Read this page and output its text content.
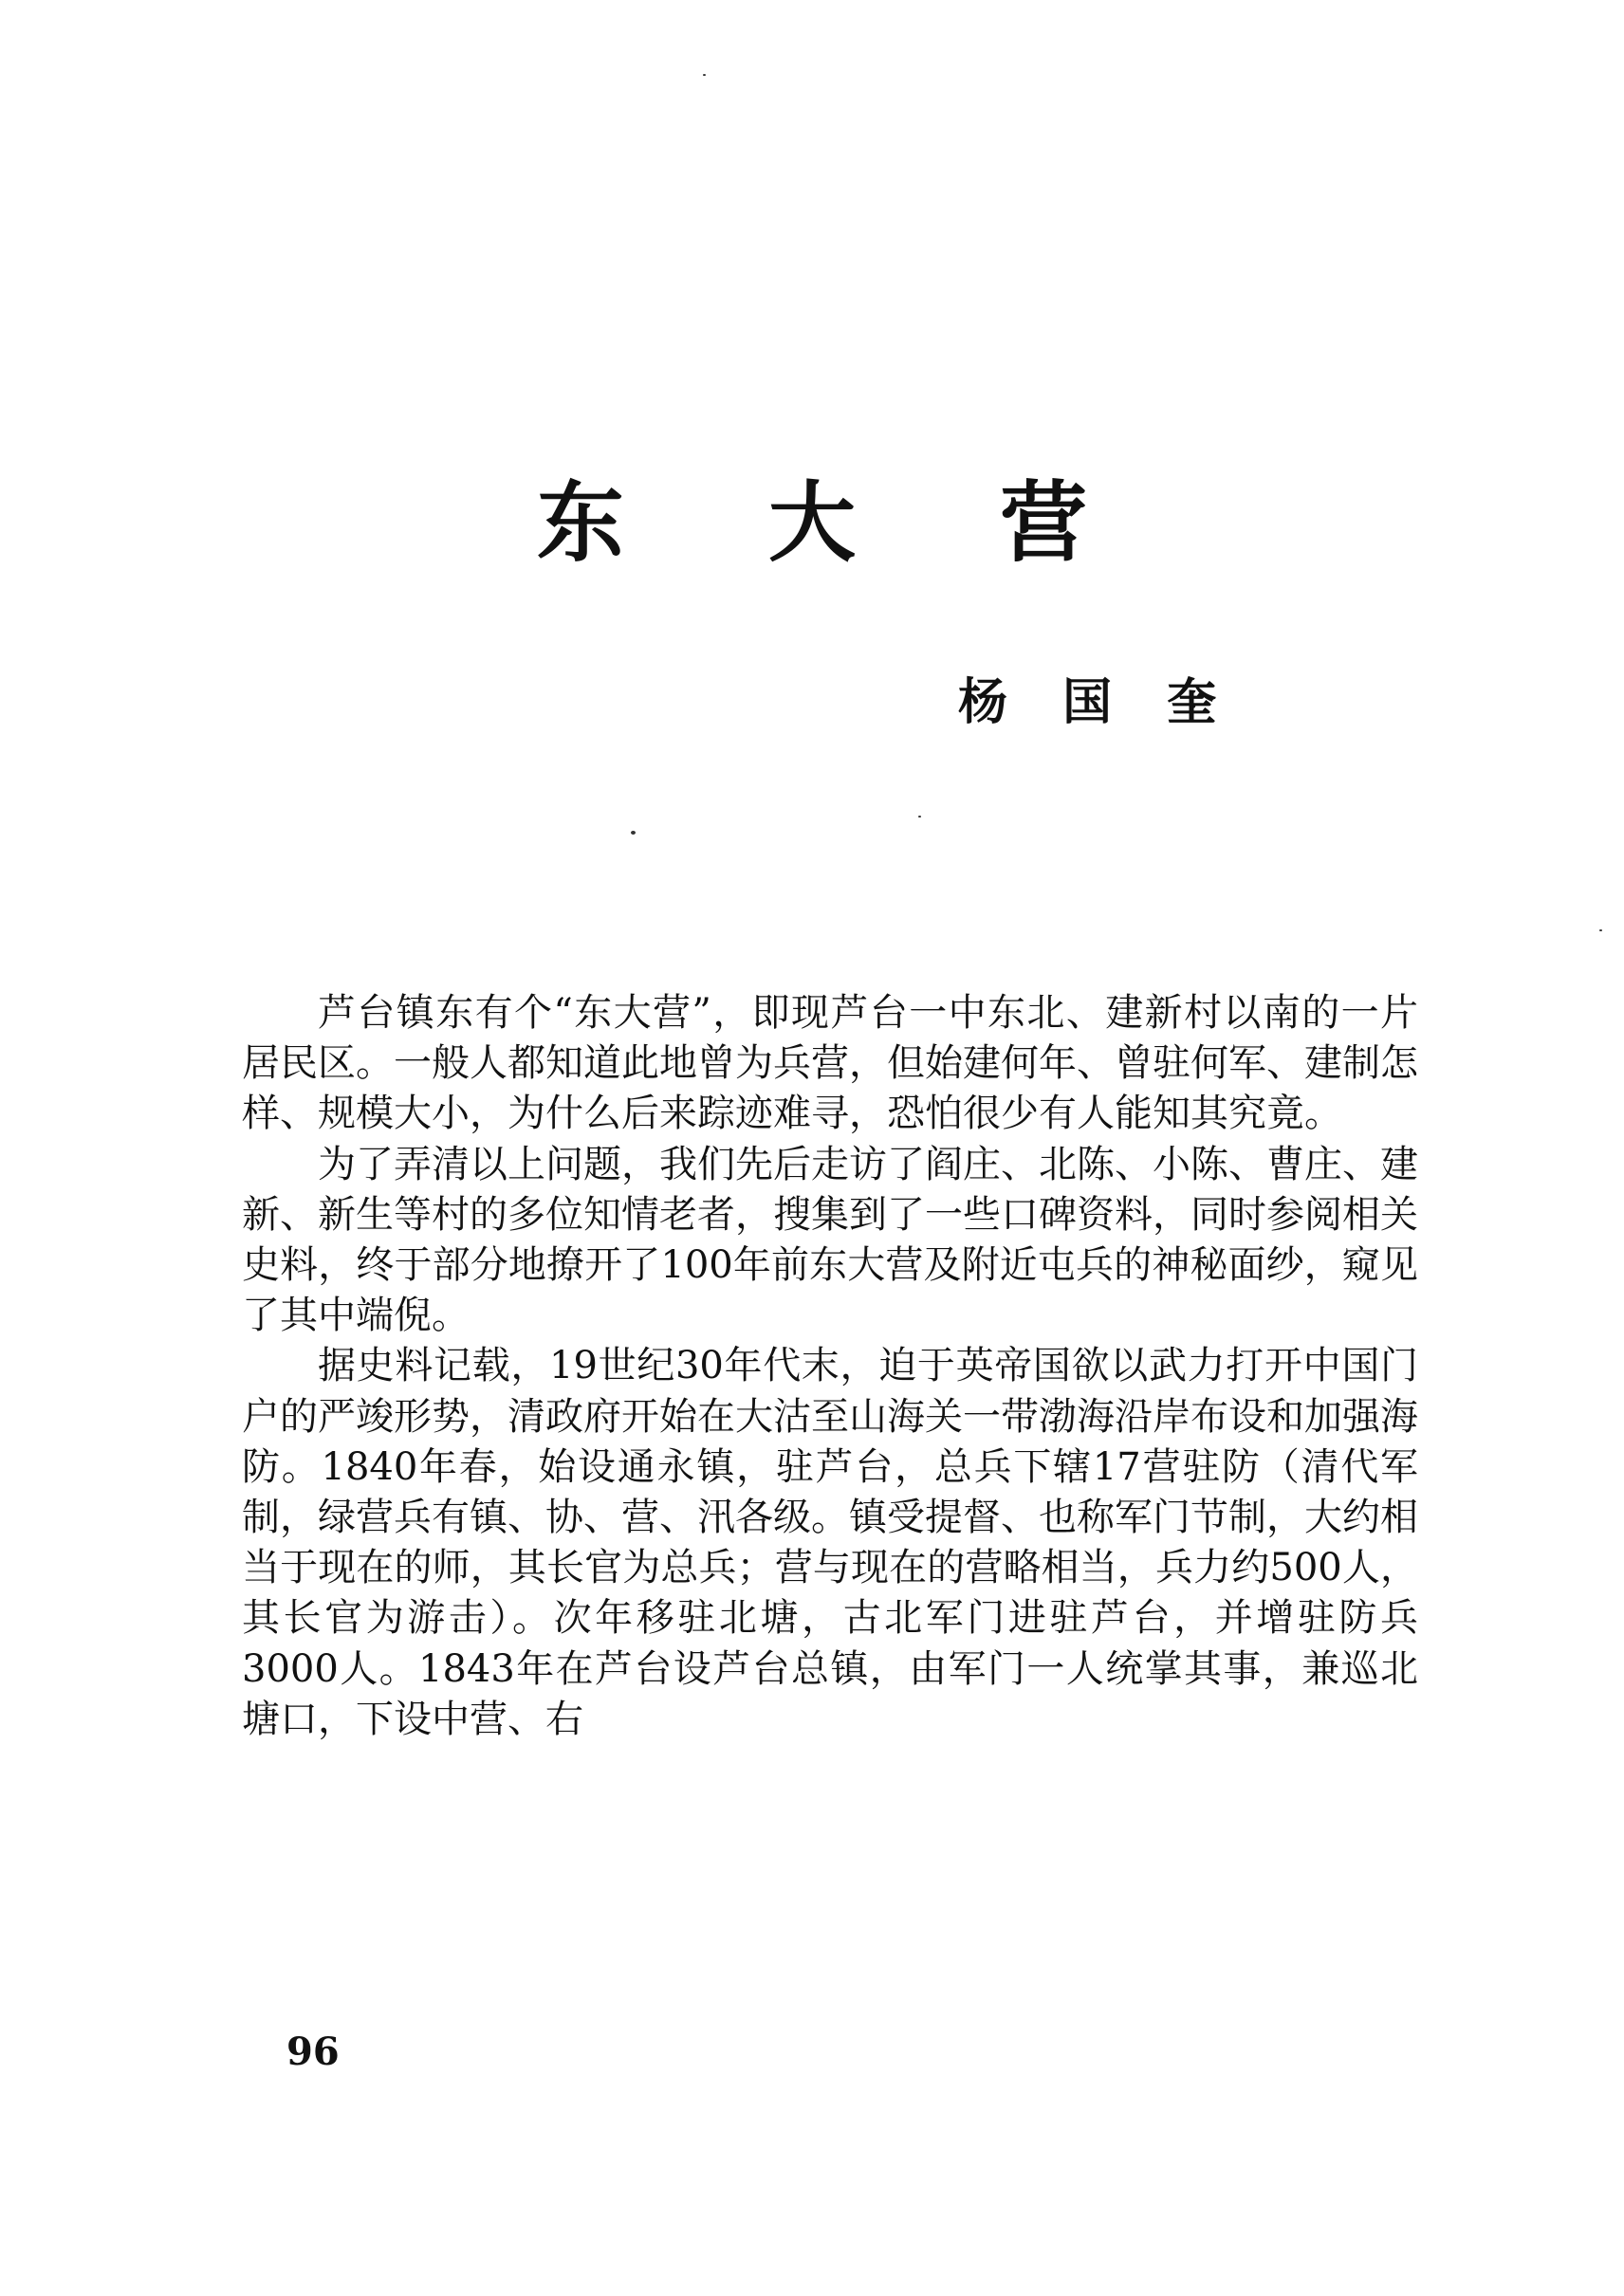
东 大 营
杨 国 奎

芦台镇东有个“东大营”，即现芦台一中东北、建新村以南的一片居民区。一般人都知道此地曾为兵营，但始建何年、曾驻何军、建制怎样、规模大小，为什么后来踪迹难寻，恐怕很少有人能知其究竟。

为了弄清以上问题，我们先后走访了阎庄、北陈、小陈、曹庄、建新、新生等村的多位知情老者，搜集到了一些口碑资料，同时参阅相关史料，终于部分地撩开了100年前东大营及附近屯兵的神秘面纱，窥见了其中端倪。

据史料记载，19世纪30年代末，迫于英帝国欲以武力打开中国门户的严竣形势，清政府开始在大沽至山海关一带渤海沿岸布设和加强海防。1840年春，始设通永镇，驻芦台，总兵下辖17营驻防（清代军制，绿营兵有镇、协、营、汛各级。镇受提督、也称军门节制，大约相当于现在的师，其长官为总兵；营与现在的营略相当，兵力约500人，其长官为游击）。次年移驻北塘，古北军门进驻芦台，并增驻防兵3000人。1843年在芦台设芦台总镇，由军门一人统掌其事，兼巡北塘口，下设中营、右

96
